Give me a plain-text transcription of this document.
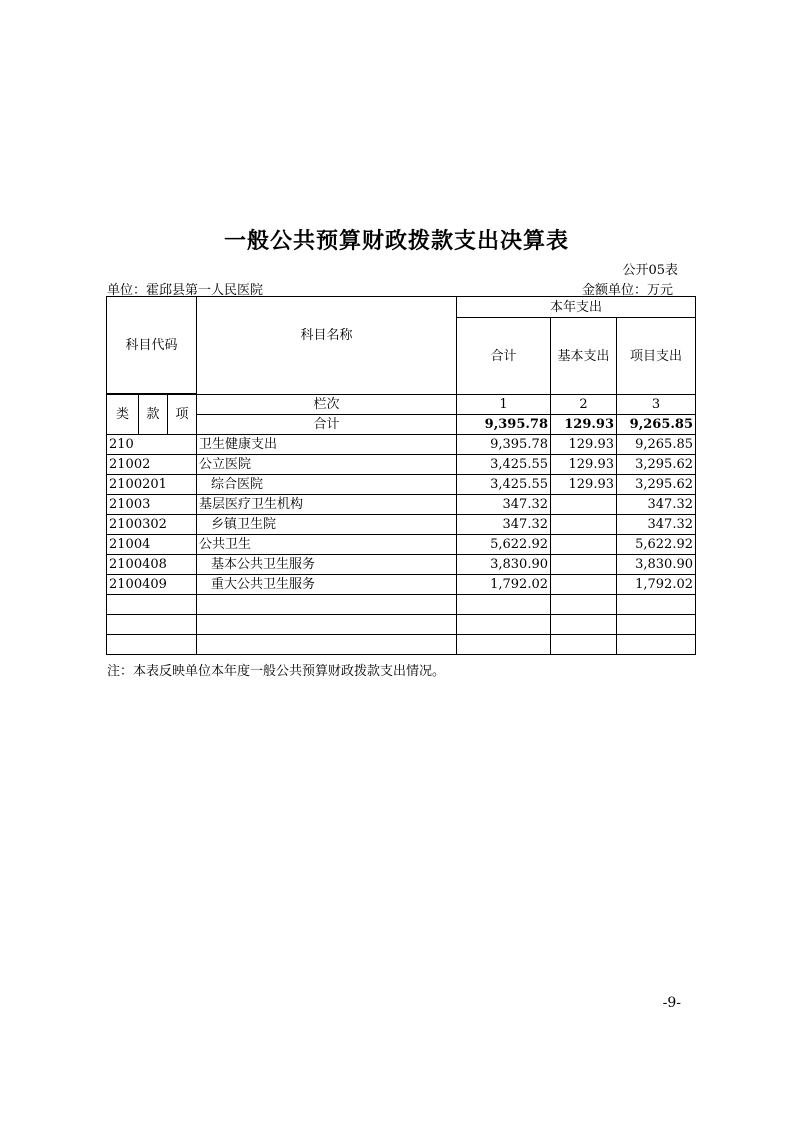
一般公共预算财政拨款支出决算表
公开05表
单位：霍邱县第一人民医院	金额单位：万元
科目代码			科目名称	本年支出		
				合计	基本支出	项目支出

类	款	项	栏次	1	2	3
			合计	9,395.78	129.93	9,265.85
210			卫生健康支出	9,395.78	129.93	9,265.85
21002			公立医院	3,425.55	129.93	3,295.62
2100201			综合医院	3,425.55	129.93	3,295.62
21003			基层医疗卫生机构	347.32		347.32
2100302			乡镇卫生院	347.32		347.32
21004			公共卫生	5,622.92		5,622.92
2100408			基本公共卫生服务	3,830.90		3,830.90
2100409			重大公共卫生服务	1,792.02		1,792.02

注：本表反映单位本年度一般公共预算财政拨款支出情况。
-9-
